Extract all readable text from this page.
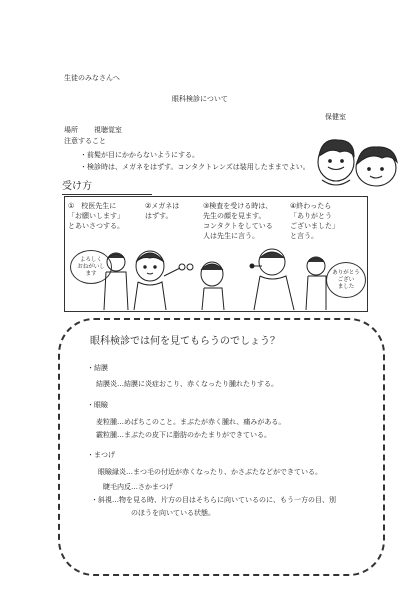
生徒のみなさんへ
眼科検診について
保健室
場所 視聴覚室
注意すること
・前髪が目にかからないようにする。
・検診時は、メガネをはずす。コンタクトレンズは装用したままでよい。
受け方
①　校医先生に
「お願いします」
とあいさつする。
②メガネは
はずす。
③検査を受ける時は、
先生の顔を見ます。
コンタクトをしている
人は先生に言う。
④終わったら
「ありがとう
ございました」
と言う。
よろしく
おねがいし
ます	ありがとう
ござい
ました
眼科検診では何を見てもらうのでしょう？
・結膜
結膜炎…結膜に炎症おこり、赤くなったり腫れたりする。
・眼瞼
麦粒腫…めばちこのこと。まぶたが赤く腫れ、痛みがある。
霰粒腫…まぶたの皮下に脂肪のかたまりができている。
・まつげ
眼瞼縁炎…まつ毛の付近が赤くなったり、かさぶたなどができている。
睫毛内反…さかまつげ
・斜視…物を見る時、片方の目はそちらに向いているのに、もう一方の目、別
のほうを向いている状態。
